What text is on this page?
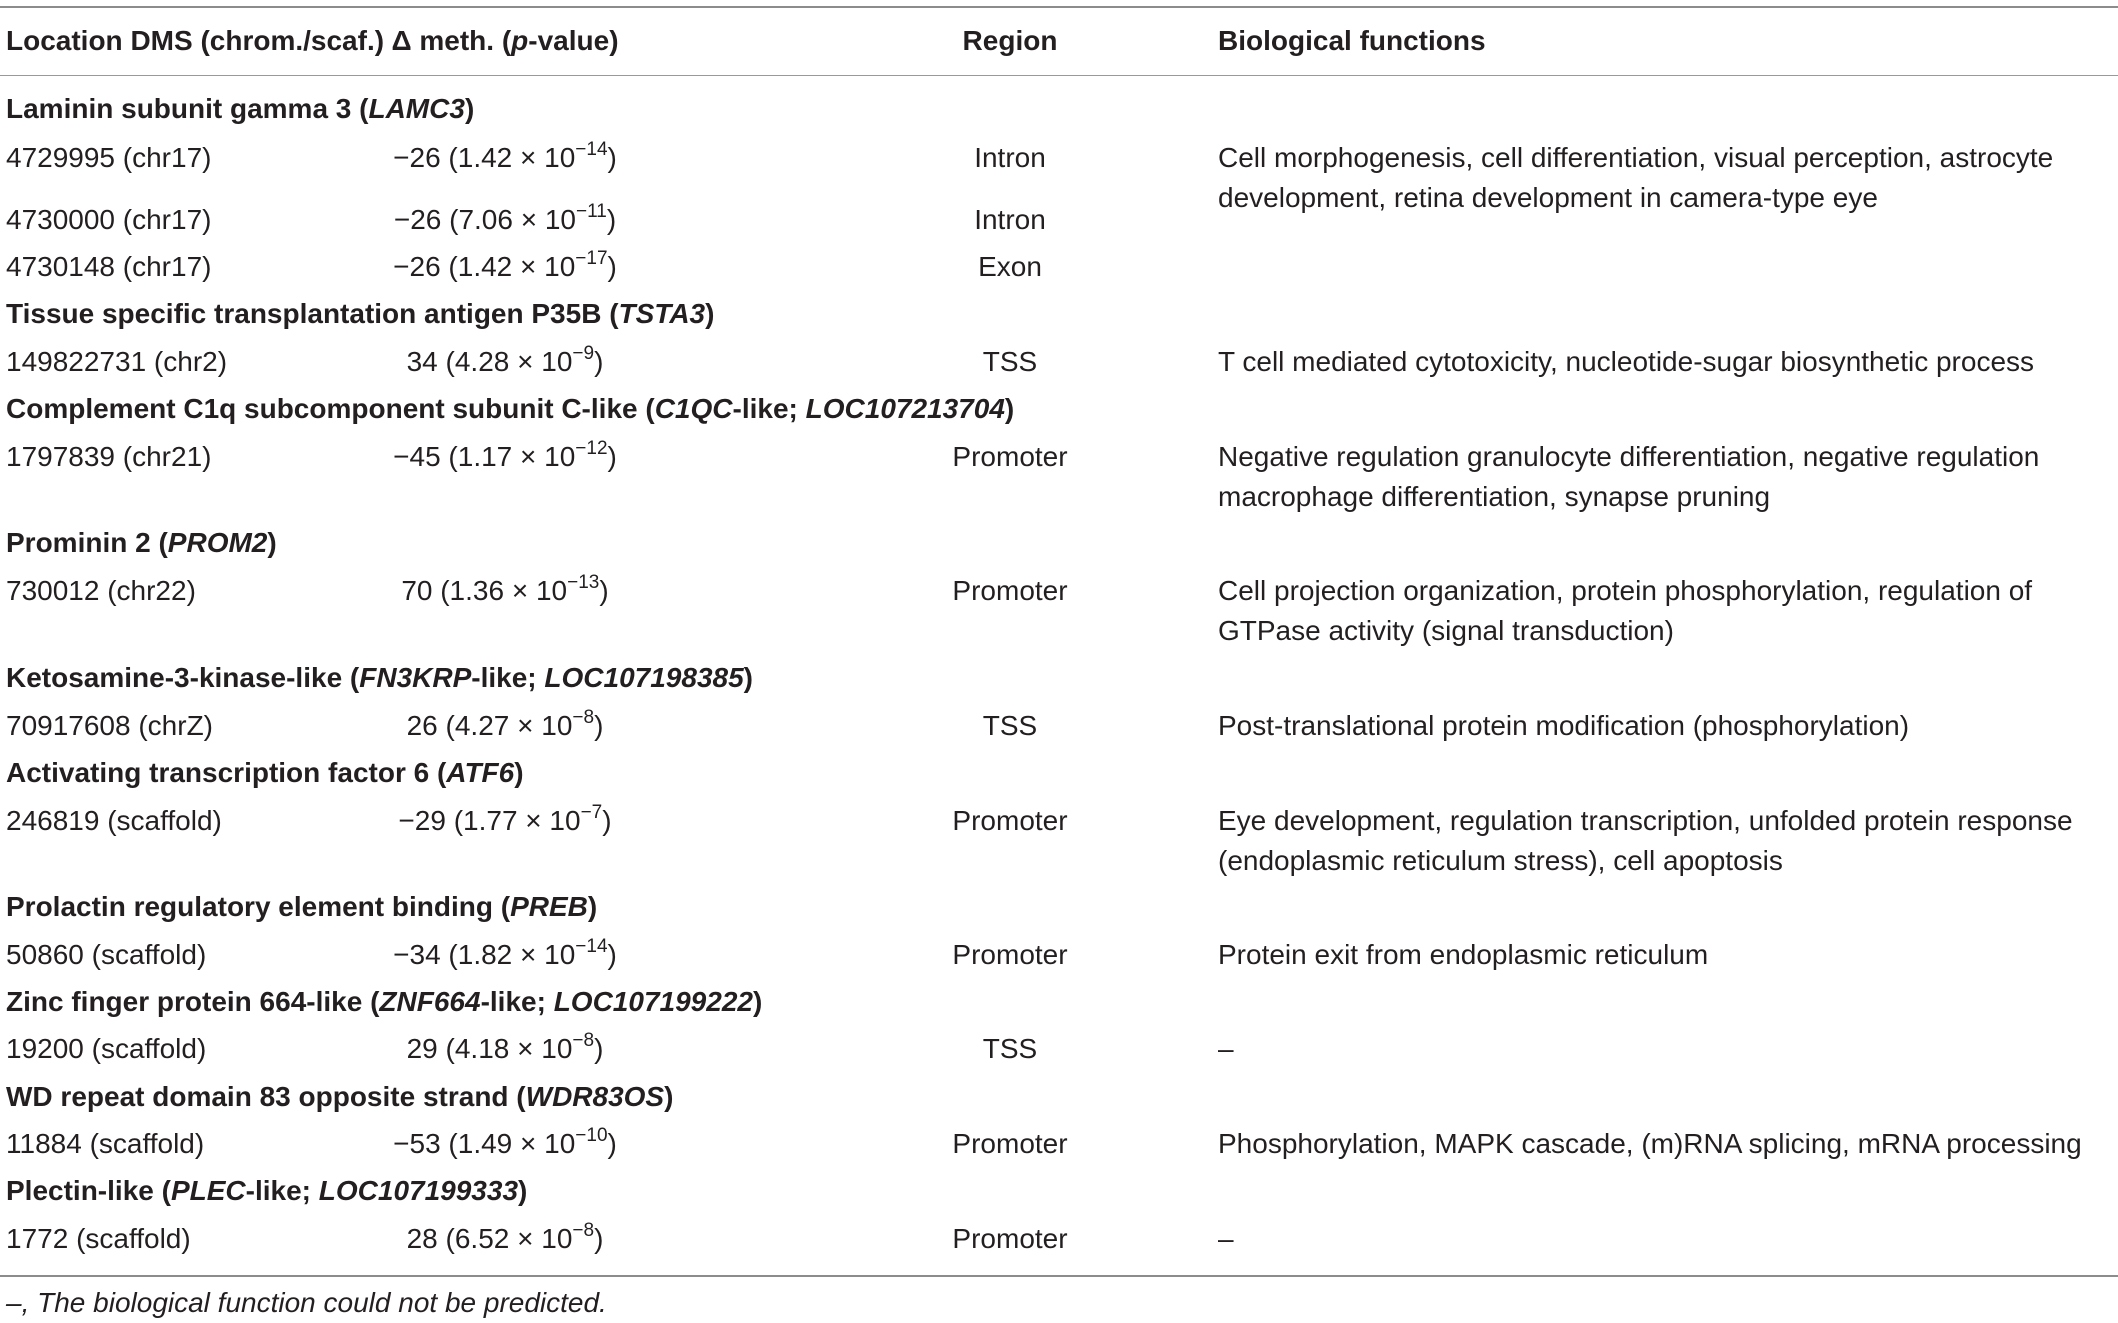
Location DMS (chrom./scaf.) Δ meth. (p-value)	Region	Biological functions
Laminin subunit gamma 3 (LAMC3)
4729995 (chr17)	−26 $(1.42 \times 10^{-14})$	Intron	Cell morphogenesis, cell differentiation, visual perception, astrocyte development, retina development in camera-type eye
4730000 (chr17)	−26 $(7.06 \times 10^{-11})$	Intron
4730148 (chr17)	−26 $(1.42 \times 10^{-17})$	Exon
Tissue specific transplantation antigen P35B (TSTA3)
149822731 (chr2)	34 $(4.28 \times 10^{-9})$	TSS	T cell mediated cytotoxicity, nucleotide-sugar biosynthetic process
Complement C1q subcomponent subunit C-like (C1QC-like; LOC107213704)
1797839 (chr21)	−45 $(1.17 \times 10^{-12})$	Promoter	Negative regulation granulocyte differentiation, negative regulation macrophage differentiation, synapse pruning
Prominin 2 (PROM2)
730012 (chr22)	70 $(1.36 \times 10^{-13})$	Promoter	Cell projection organization, protein phosphorylation, regulation of GTPase activity (signal transduction)
Ketosamine-3-kinase-like (FN3KRP-like; LOC107198385)
70917608 (chrZ)	26 $(4.27 \times 10^{-8})$	TSS	Post-translational protein modification (phosphorylation)
Activating transcription factor 6 (ATF6)
246819 (scaffold)	−29 $(1.77 \times 10^{-7})$	Promoter	Eye development, regulation transcription, unfolded protein response (endoplasmic reticulum stress), cell apoptosis
Prolactin regulatory element binding (PREB)
50860 (scaffold)	−34 $(1.82 \times 10^{-14})$	Promoter	Protein exit from endoplasmic reticulum
Zinc finger protein 664-like (ZNF664-like; LOC107199222)
19200 (scaffold)	29 $(4.18 \times 10^{-8})$	TSS	–
WD repeat domain 83 opposite strand (WDR83OS)
11884 (scaffold)	−53 $(1.49 \times 10^{-10})$	Promoter	Phosphorylation, MAPK cascade, (m)RNA splicing, mRNA processing
Plectin-like (PLEC-like; LOC107199333)
1772 (scaffold)	28 $(6.52 \times 10^{-8})$	Promoter	–
–, The biological function could not be predicted.
